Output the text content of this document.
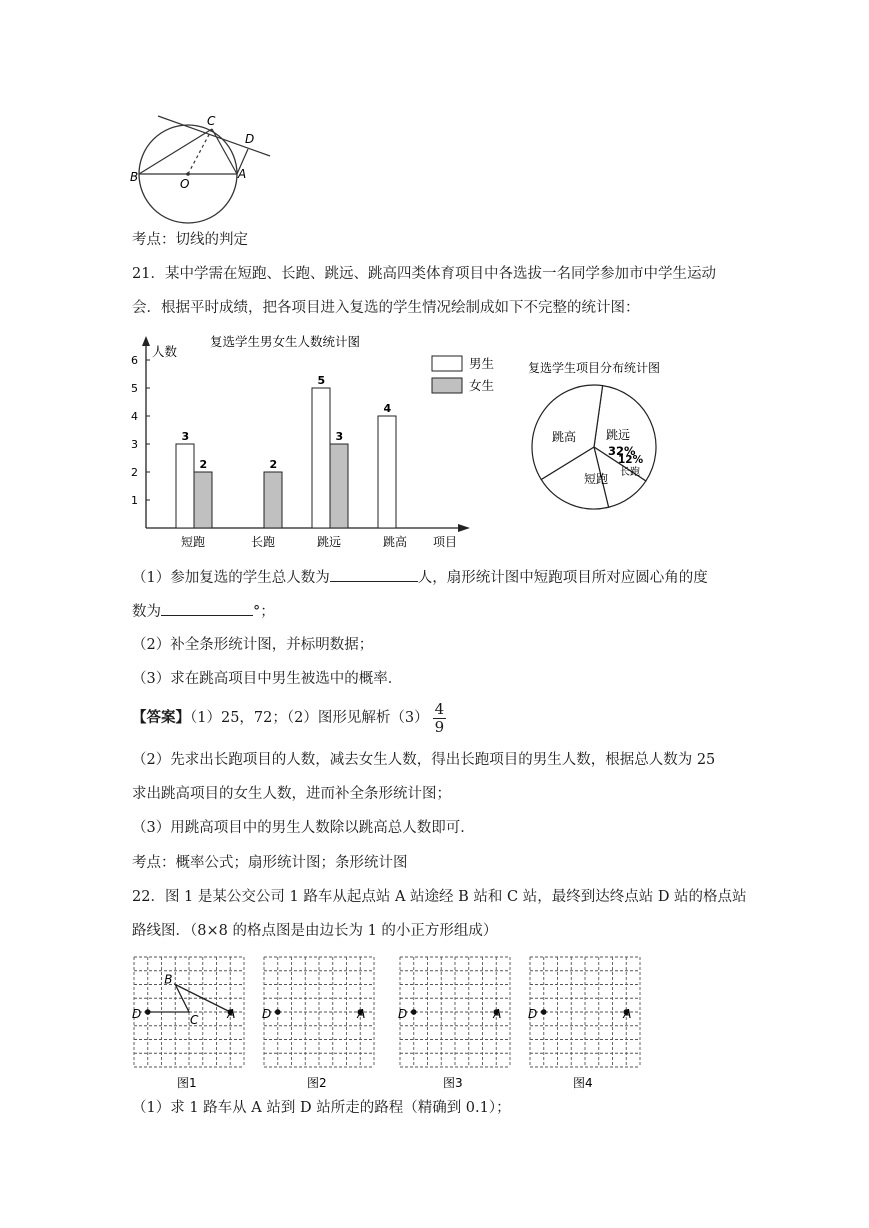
C
D
B	O
A
考点：切线的判定
21．某中学需在短跑、长跑、跳远、跳高四类体育项目中各选拔一名同学参加市中学生运动
会．根据平时成绩，把各项目进入复选的学生情况绘制成如下不完整的统计图：
1
2
3
4
5
6
人数
复选学生男女生人数统计图
3
2
短跑
2
长跑
5
3
跳远
4
跳高 项目
男生
女生
复选学生项目分布统计图
跳远
32%
长跑
12%
短跑
跳高
（1）参加复选的学生总人数为	人，扇形统计图中短跑项目所对应圆心角的度
数为	°；
（2）补全条形统计图，并标明数据；
（3）求在跳高项目中男生被选中的概率．
【答案】（1）25，72；（2）图形见解析$(3) \frac{4}{9}$
（2）先求出长跑项目的人数，减去女生人数，得出长跑项目的男生人数，根据总人数为 25
求出跳高项目的女生人数，进而补全条形统计图；
（3）用跳高项目中的男生人数除以跳高总人数即可．
考点：概率公式；扇形统计图；条形统计图
22．图 1 是某公交公司 1 路车从起点站 A 站途经 B 站和 C 站，最终到达终点站 D 站的格点站
路线图．（8×8 的格点图是由边长为 1 的小正方形组成）
B
C
D	A
图1
D	A
图2
D	A
图3
D	A
图4
（1）求 1 路车从 A 站到 D 站所走的路程（精确到 0.1）；
